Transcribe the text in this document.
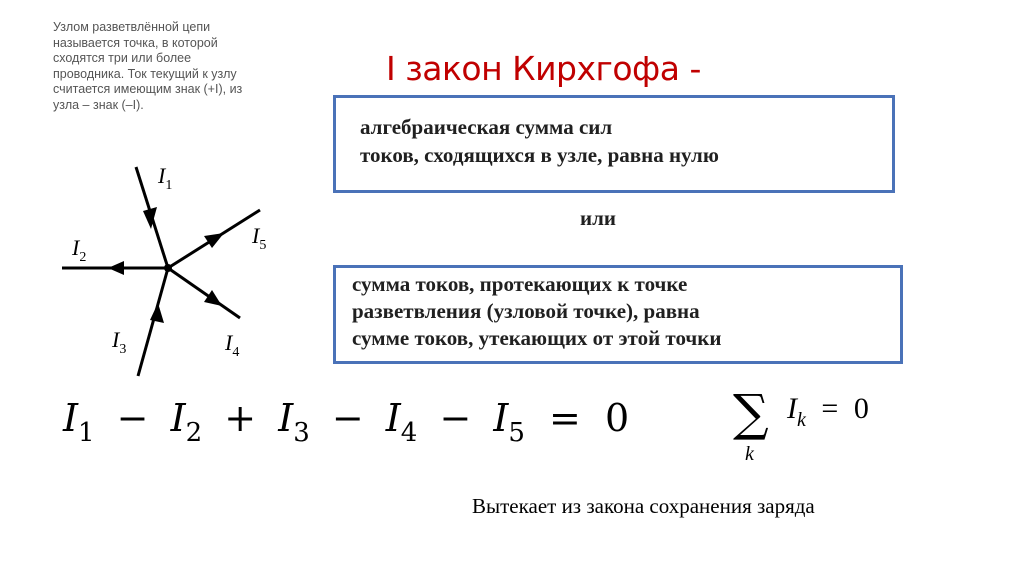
Узлом разветвлённой цепи
называется точка, в которой
сходятся три или более
проводника. Ток текущий к узлу
считается имеющим знак (+I), из
узла – знак (–I).
I закон Кирхгофа -
алгебраическая сумма сил
токов, сходящихся в узле, равна нулю
или
сумма токов, протекающих к точке
разветвления (узловой точке), равна
сумме токов, утекающих от этой точки
$I_1$
$I_2$
$I_3$	$I_4$
$I_5$
$I_1 - I_2 + I_3 - I_4 - I_5 = 0$ ∑
k
$I_k = 0$
Вытекает из закона сохранения заряда
